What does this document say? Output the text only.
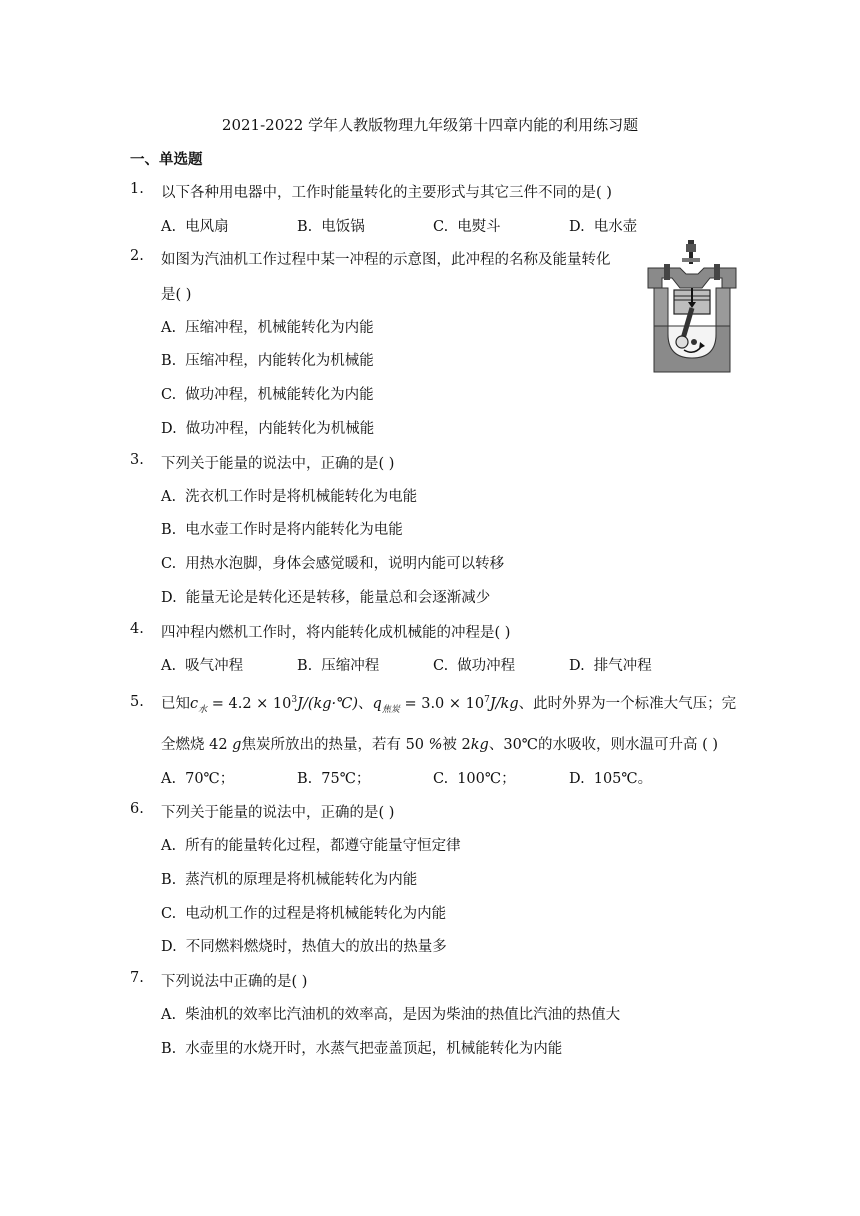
2021-2022 学年人教版物理九年级第十四章内能的利用练习题
一、单选题
1. 以下各种用电器中，工作时能量转化的主要形式与其它三件不同的是( )
A. 电风扇	B. 电饭锅	C. 电熨斗	D. 电水壶
2. 如图为汽油机工作过程中某一冲程的示意图，此冲程的名称及能量转化
是( )
A. 压缩冲程，机械能转化为内能
B. 压缩冲程，内能转化为机械能
C. 做功冲程，机械能转化为内能
D. 做功冲程，内能转化为机械能
3. 下列关于能量的说法中，正确的是( )
A. 洗衣机工作时是将机械能转化为电能
B. 电水壶工作时是将内能转化为电能
C. 用热水泡脚，身体会感觉暖和，说明内能可以转移
D. 能量无论是转化还是转移，能量总和会逐渐减少
4. 四冲程内燃机工作时，将内能转化成机械能的冲程是( )
A. 吸气冲程	B. 压缩冲程	C. 做功冲程	D. 排气冲程
5. 已知$c_水 = 4.2$ × $10^3J/(kg\cdot℃)$、$q_{焦炭} = 3.0 \times 10^7J/kg$、此时外界为一个标准大气压；完
全燃烧 42 g焦炭所放出的热量，若有 50 %被 2kg、30℃的水吸收，则水温可升高 ( )
A. 70℃；	B. 75℃；	C. 100℃；	D. 105℃。
6. 下列关于能量的说法中，正确的是( )
A. 所有的能量转化过程，都遵守能量守恒定律
B. 蒸汽机的原理是将机械能转化为内能
C. 电动机工作的过程是将机械能转化为内能
D. 不同燃料燃烧时，热值大的放出的热量多
7. 下列说法中正确的是( )
A. 柴油机的效率比汽油机的效率高，是因为柴油的热值比汽油的热值大
B. 水壶里的水烧开时，水蒸气把壶盖顶起，机械能转化为内能
